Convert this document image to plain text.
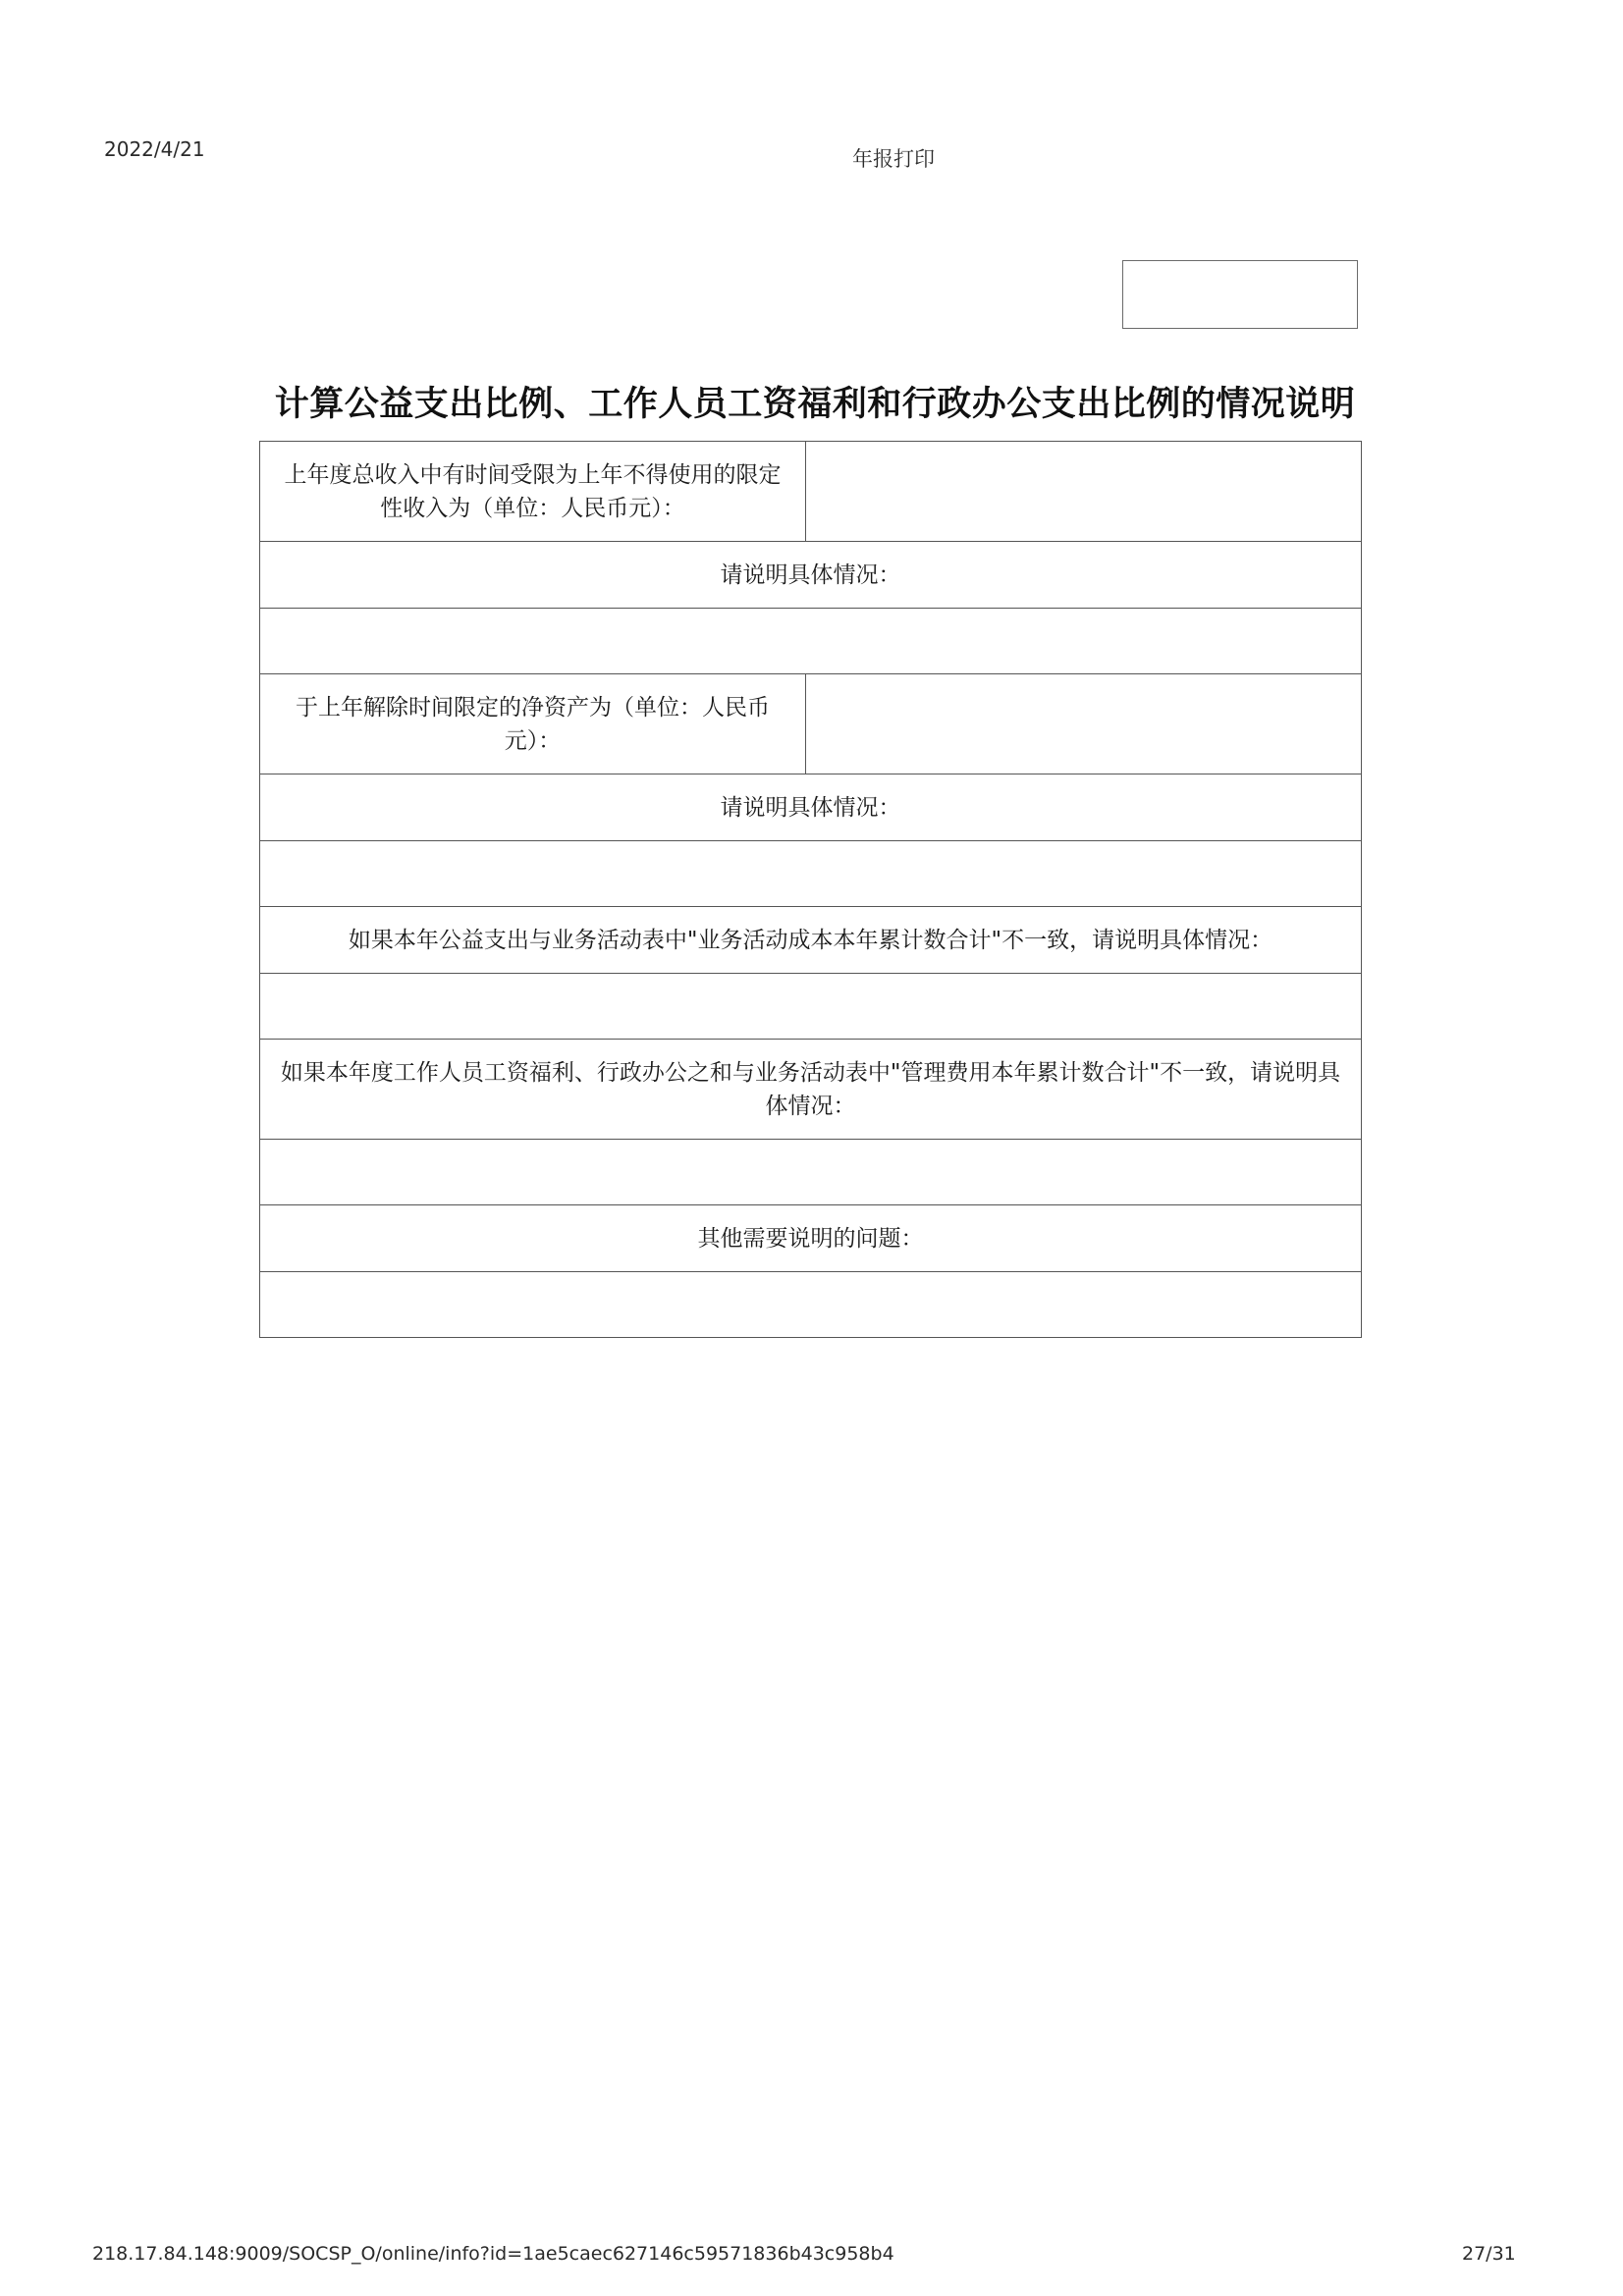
2022/4/21	年报打印
计算公益支出比例、工作人员工资福利和行政办公支出比例的情况说明
上年度总收入中有时间受限为上年不得使用的限定性收入为（单位：人民币元）：	
请说明具体情况：	

于上年解除时间限定的净资产为（单位：人民币元）：	
请说明具体情况：	

如果本年公益支出与业务活动表中"业务活动成本本年累计数合计"不一致，请说明具体情况：	

如果本年度工作人员工资福利、行政办公之和与业务活动表中"管理费用本年累计数合计"不一致，请说明具体情况：	

其他需要说明的问题：	

218.17.84.148:9009/SOCSP_O/online/info?id=1ae5caec627146c59571836b43c958b4	27/31
